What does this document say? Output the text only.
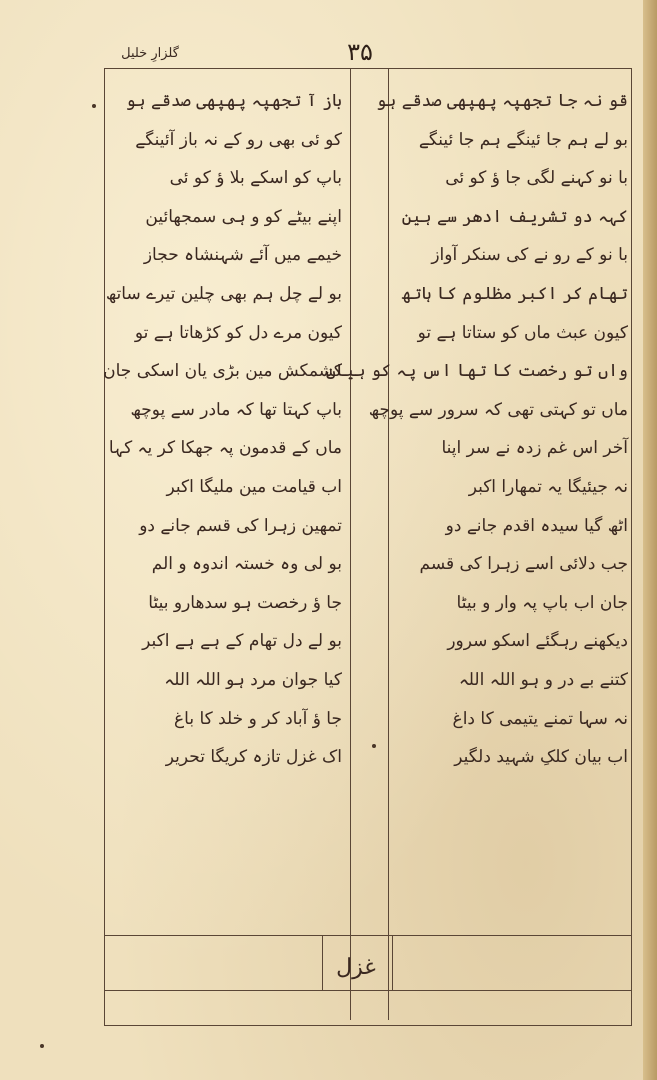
گلزارِ خلیل	۳۵
قو نہ جا تجھپہ پھپھی صدقے ہو
بو لے ہم جا ئینگے ہم جا ئینگے
با نو کہنے لگی جا ؤ کو ئی
کہہ دو تشریف ادھر سے ہین
با نو کے رو نے کی سنکر آواز
تھام کر اکبر مظلوم کا ہاتھ
کیون عبث ماں کو ستاتا ہے تو
واں تو رخصت کا تھا اس پہ کو ہیان
ماں تو کہتی تھی کہ سرور سے پوچھ
آخر اس غم زدہ نے سر اپنا
نہ جیئیگا یہ تمھارا اکبر
اٹھ گیا سیدہ اقدم جانے دو
جب دلائی اسے زہرا کی قسم
جان اب باپ پہ وار و بیٹا
دیکھنے رہگئے اسکو سرور
کتنے بے در و ہو اللہ اللہ
نہ سہا تمنے یتیمی کا داغ
اب بیان کلکِ شہید دلگیر
باز آ تجھپہ پھپھی صدقے ہو
کو ئی بھی رو کے نہ باز آئینگے
باپ کو اسکے بلا ؤ کو ئی
اپنے بیٹے کو و ہی سمجھائین
خیمے میں آئے شہنشاہ حجاز
بو لے چل ہم بھی چلین تیرے ساتھ
کیون مرے دل کو کڑھاتا ہے تو
کشمکش مین بڑی یان اسکی جان
باپ کہتا تھا کہ مادر سے پوچھ
ماں کے قدمون پہ جھکا کر یہ کہا
اب قیامت مین ملیگا اکبر
تمھین زہرا کی قسم جانے دو
بو لی وہ خستہ اندوہ و الم
جا ؤ رخصت ہو سدھارو بیٹا
بو لے دل تھام کے ہے ہے اکبر
کیا جوان مرد ہو اللہ اللہ
جا ؤ آباد کر و خلد کا باغ
اک غزل تازہ کریگا تحریر
غزل
